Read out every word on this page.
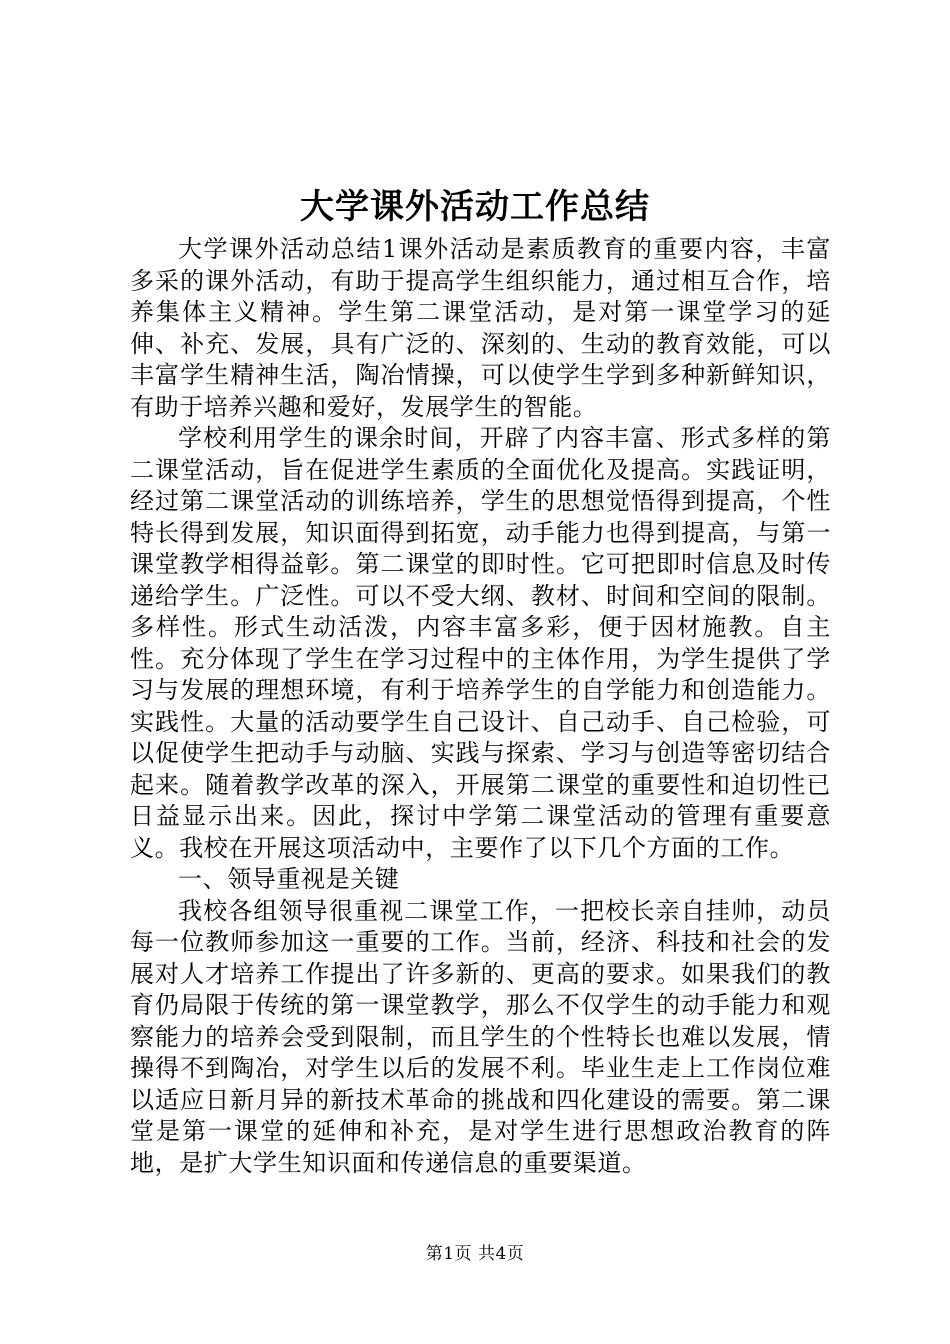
大学课外活动工作总结

大学课外活动总结1课外活动是素质教育的重要内容，丰富多采的课外活动，有助于提高学生组织能力，通过相互合作，培养集体主义精神。学生第二课堂活动，是对第一课堂学习的延伸、补充、发展，具有广泛的、深刻的、生动的教育效能，可以丰富学生精神生活，陶冶情操，可以使学生学到多种新鲜知识，有助于培养兴趣和爱好，发展学生的智能。

学校利用学生的课余时间，开辟了内容丰富、形式多样的第二课堂活动，旨在促进学生素质的全面优化及提高。实践证明，经过第二课堂活动的训练培养，学生的思想觉悟得到提高，个性特长得到发展，知识面得到拓宽，动手能力也得到提高，与第一课堂教学相得益彰。第二课堂的即时性。它可把即时信息及时传递给学生。广泛性。可以不受大纲、教材、时间和空间的限制。多样性。形式生动活泼，内容丰富多彩，便于因材施教。自主性。充分体现了学生在学习过程中的主体作用，为学生提供了学习与发展的理想环境，有利于培养学生的自学能力和创造能力。实践性。大量的活动要学生自己设计、自己动手、自己检验，可以促使学生把动手与动脑、实践与探索、学习与创造等密切结合起来。随着教学改革的深入，开展第二课堂的重要性和迫切性已日益显示出来。因此，探讨中学第二课堂活动的管理有重要意义。我校在开展这项活动中，主要作了以下几个方面的工作。

一、领导重视是关键

我校各组领导很重视二课堂工作，一把校长亲自挂帅，动员每一位教师参加这一重要的工作。当前，经济、科技和社会的发展对人才培养工作提出了许多新的、更高的要求。如果我们的教育仍局限于传统的第一课堂教学，那么不仅学生的动手能力和观察能力的培养会受到限制，而且学生的个性特长也难以发展，情操得不到陶冶，对学生以后的发展不利。毕业生走上工作岗位难以适应日新月异的新技术革命的挑战和四化建设的需要。第二课堂是第一课堂的延伸和补充，是对学生进行思想政治教育的阵地，是扩大学生知识面和传递信息的重要渠道。

第1页 共4页
